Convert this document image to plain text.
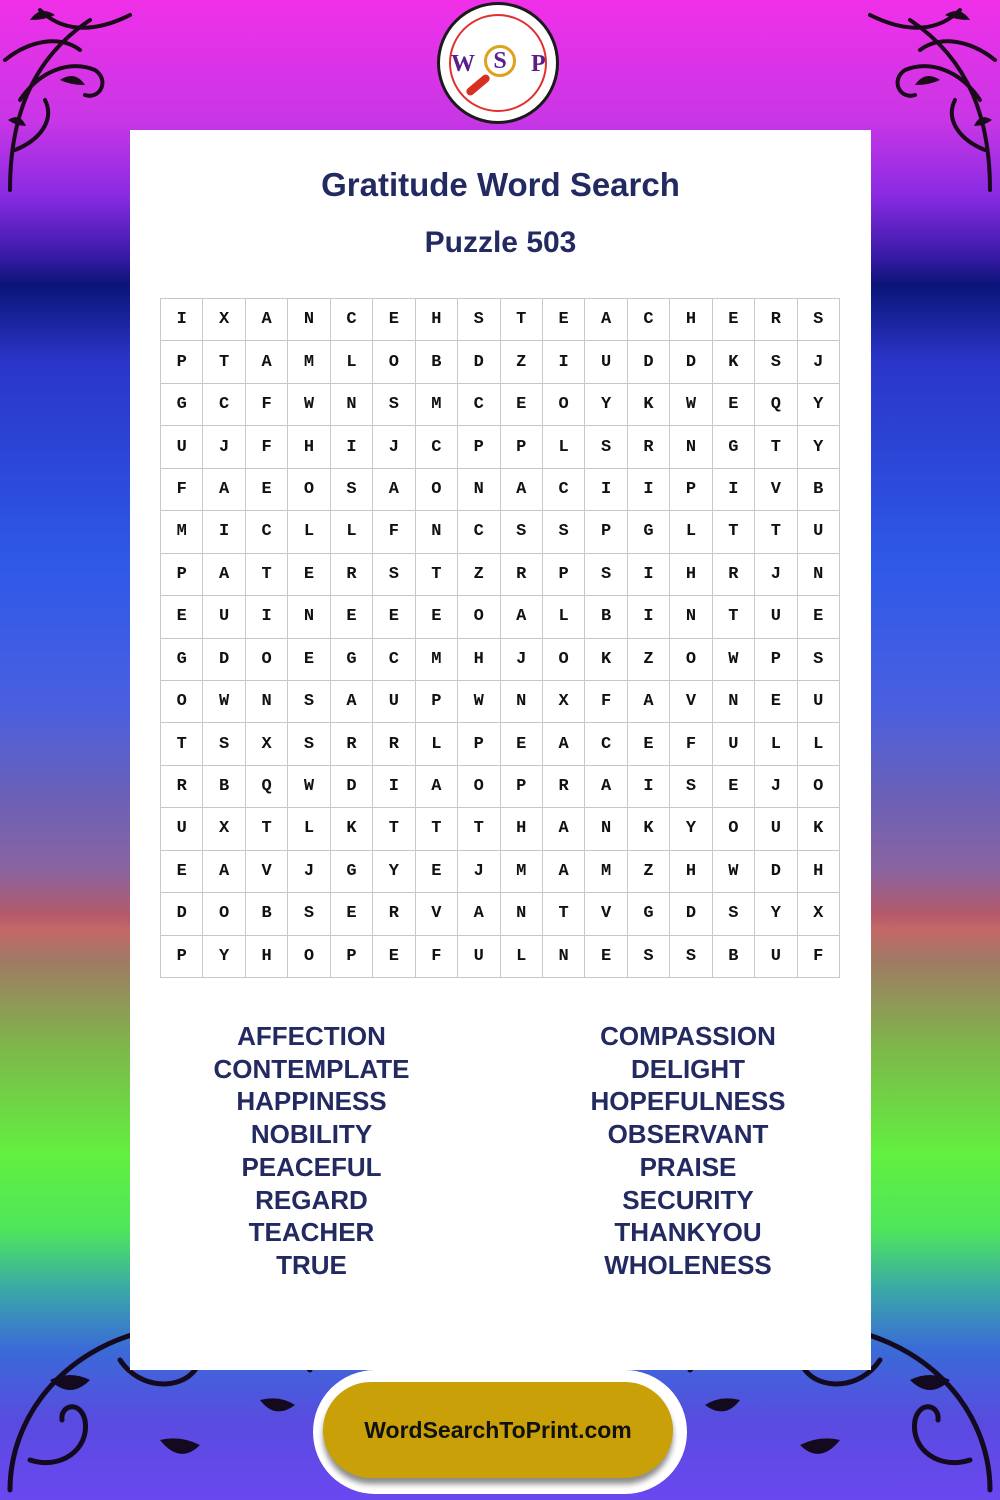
W S	P
Gratitude Word Search
Puzzle 503
I	X	A	N	C	E	H	S	T	E	A	C	H	E	R	S
P	T	A	M	L	O	B	D	Z	I	U	D	D	K	S	J
G	C	F	W	N	S	M	C	E	O	Y	K	W	E	Q	Y
U	J	F	H	I	J	C	P	P	L	S	R	N	G	T	Y
F	A	E	O	S	A	O	N	A	C	I	I	P	I	V	B
M	I	C	L	L	F	N	C	S	S	P	G	L	T	T	U
P	A	T	E	R	S	T	Z	R	P	S	I	H	R	J	N
E	U	I	N	E	E	E	O	A	L	B	I	N	T	U	E
G	D	O	E	G	C	M	H	J	O	K	Z	O	W	P	S
O	W	N	S	A	U	P	W	N	X	F	A	V	N	E	U
T	S	X	S	R	R	L	P	E	A	C	E	F	U	L	L
R	B	Q	W	D	I	A	O	P	R	A	I	S	E	J	O
U	X	T	L	K	T	T	T	H	A	N	K	Y	O	U	K
E	A	V	J	G	Y	E	J	M	A	M	Z	H	W	D	H
D	O	B	S	E	R	V	A	N	T	V	G	D	S	Y	X
P	Y	H	O	P	E	F	U	L	N	E	S	S	B	U	F
AFFECTION
CONTEMPLATE
HAPPINESS
NOBILITY
PEACEFUL
REGARD
TEACHER
TRUE
COMPASSION
DELIGHT
HOPEFULNESS
OBSERVANT
PRAISE
SECURITY
THANKYOU
WHOLENESS
WordSearchToPrint.com
